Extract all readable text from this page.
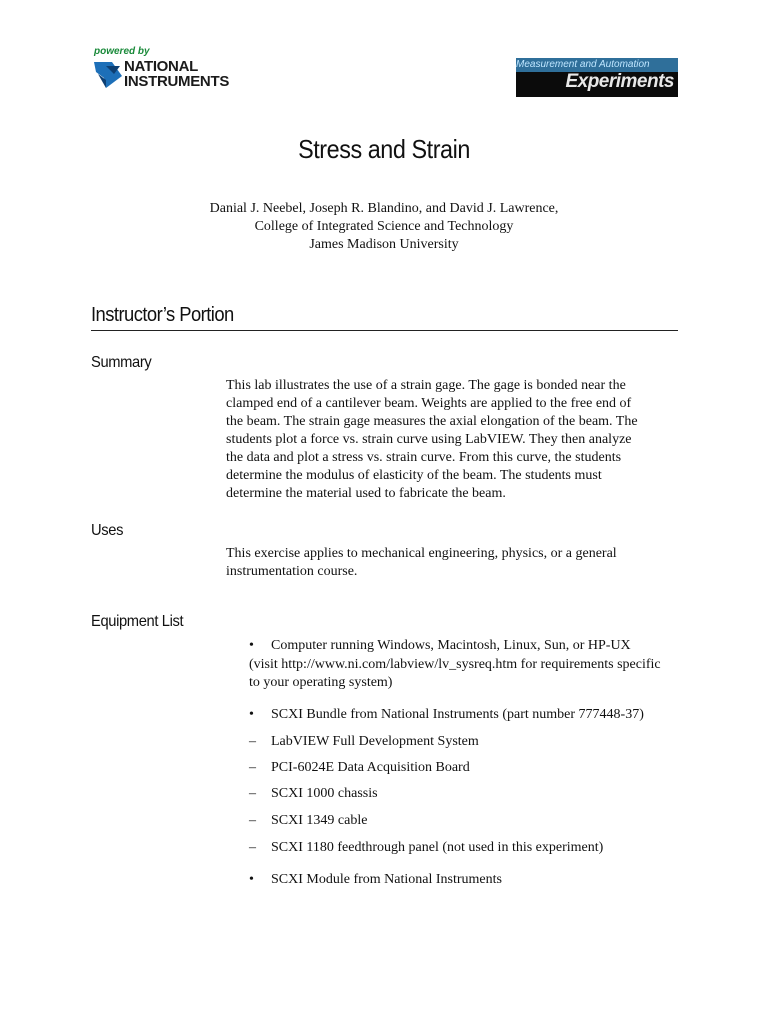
powered by
NATIONAL
INSTRUMENTS
Measurement and Automation
Experiments
Stress and Strain
Danial J. Neebel, Joseph R. Blandino, and David J. Lawrence,
College of Integrated Science and Technology
James Madison University
Instructor’s Portion
Summary
This lab illustrates the use of a strain gage. The gage is bonded near the
clamped end of a cantilever beam. Weights are applied to the free end of
the beam. The strain gage measures the axial elongation of the beam. The
students plot a force vs. strain curve using LabVIEW. They then analyze
the data and plot a stress vs. strain curve. From this curve, the students
determine the modulus of elasticity of the beam. The students must
determine the material used to fabricate the beam.
Uses
This exercise applies to mechanical engineering, physics, or a general
instrumentation course.
Equipment List
•	Computer running Windows, Macintosh, Linux, Sun, or HP-UX
(visit http://www.ni.com/labview/lv_sysreq.htm for requirements specific
to your operating system)
•	SCXI Bundle from National Instruments (part number 777448-37)
–	LabVIEW Full Development System
–	PCI-6024E Data Acquisition Board
–	SCXI 1000 chassis
–	SCXI 1349 cable
–	SCXI 1180 feedthrough panel (not used in this experiment)
•	SCXI Module from National Instruments
